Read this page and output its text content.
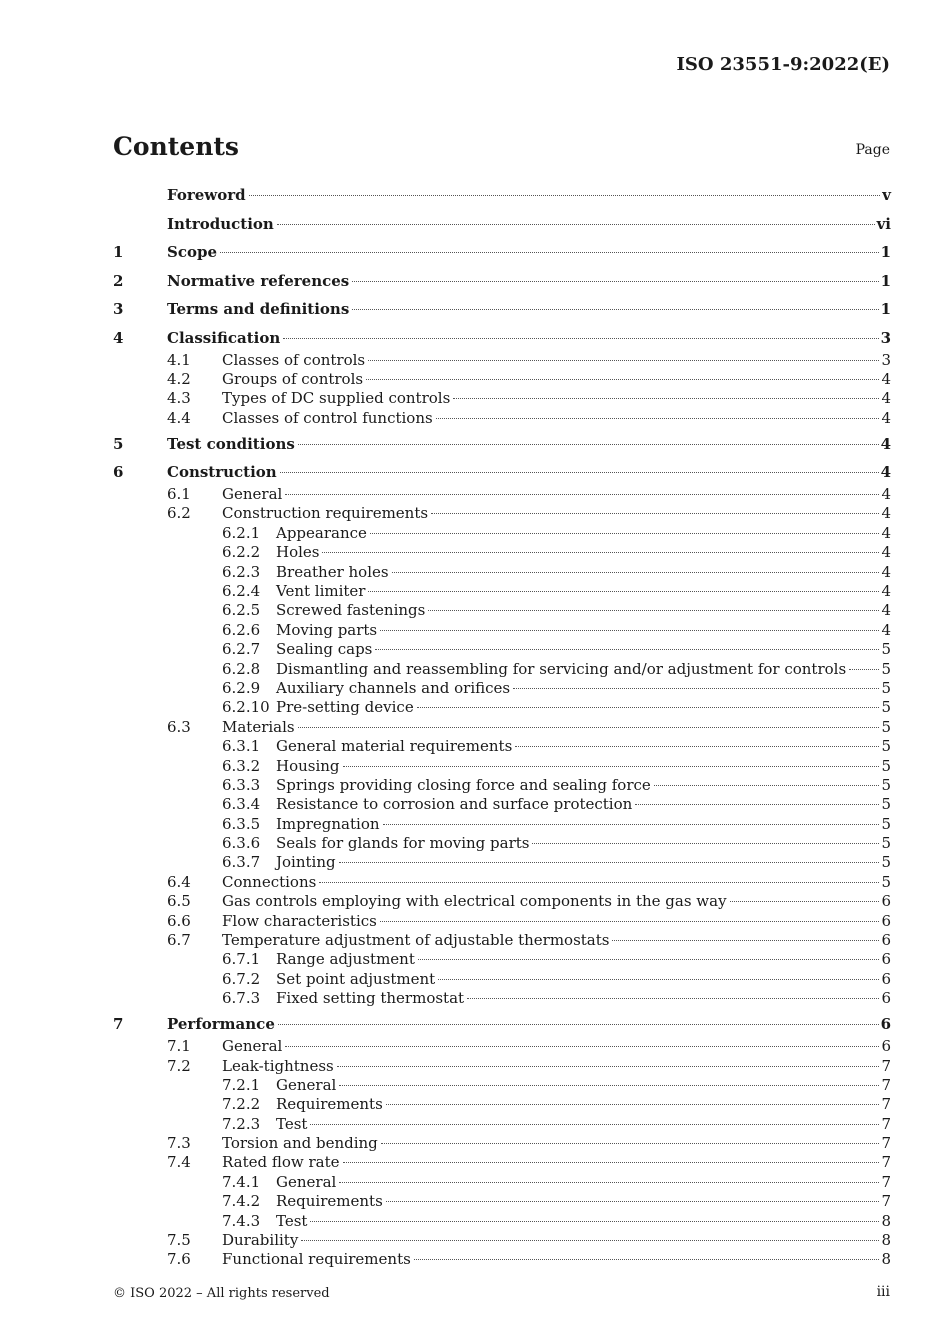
ISO 23551-9:2022(E)
Contents	Page
Foreword	v
Introduction	vi
1	Scope	1
2	Normative references	1
3	Terms and definitions	1
4	Classification	3
4.1	Classes of controls	3
4.2	Groups of controls	4
4.3	Types of DC supplied controls	4
4.4	Classes of control functions	4
5	Test conditions	4
6	Construction	4
6.1	General	4
6.2	Construction requirements	4
6.2.1	Appearance	4
6.2.2	Holes	4
6.2.3	Breather holes	4
6.2.4	Vent limiter	4
6.2.5	Screwed fastenings	4
6.2.6	Moving parts	4
6.2.7	Sealing caps	5
6.2.8	Dismantling and reassembling for servicing and/or adjustment for controls 5
6.2.9	Auxiliary channels and orifices	5
6.2.10 Pre-setting device	5
6.3	Materials	5
6.3.1	General material requirements	5
6.3.2	Housing	5
6.3.3	Springs providing closing force and sealing force	5
6.3.4	Resistance to corrosion and surface protection	5
6.3.5	Impregnation	5
6.3.6	Seals for glands for moving parts	5
6.3.7	Jointing	5
6.4	Connections	5
6.5	Gas controls employing with electrical components in the gas way	6
6.6	Flow characteristics	6
6.7	Temperature adjustment of adjustable thermostats	6
6.7.1	Range adjustment	6
6.7.2	Set point adjustment	6
6.7.3	Fixed setting thermostat	6
7	Performance	6
7.1	General	6
7.2	Leak-tightness	7
7.2.1	General	7
7.2.2	Requirements	7
7.2.3	Test	7
7.3	Torsion and bending	7
7.4	Rated flow rate	7
7.4.1	General	7
7.4.2	Requirements	7
7.4.3	Test	8
7.5	Durability	8
7.6	Functional requirements	8
© ISO 2022 – All rights reserved	iii
